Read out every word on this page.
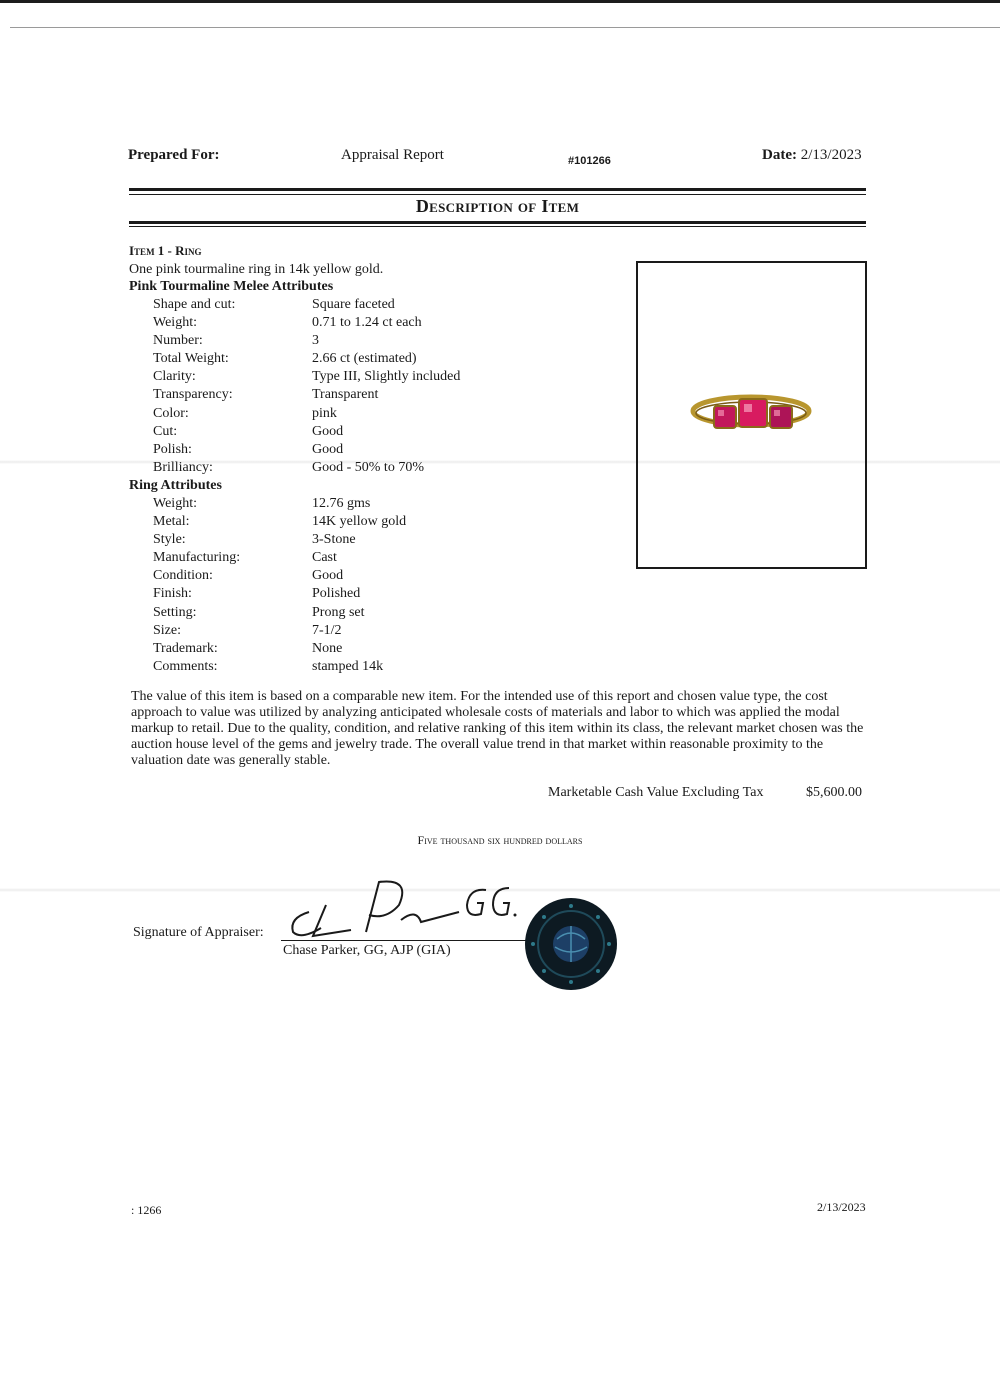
Prepared For:	Appraisal Report	#101266	Date: 2/13/2023
Description of Item
Item 1 - Ring
One pink tourmaline ring in 14k yellow gold.
Pink Tourmaline Melee Attributes
Shape and cut:	Square faceted
Weight:	0.71 to 1.24 ct each
Number:	3
Total Weight:	2.66 ct (estimated)
Clarity:	Type III, Slightly included
Transparency:	Transparent
Color:	pink
Cut:	Good
Polish:	Good
Brilliancy:	Good - 50% to 70%
Ring Attributes
Weight:	12.76 gms
Metal:	14K yellow gold
Style:	3-Stone
Manufacturing:	Cast
Condition:	Good
Finish:	Polished
Setting:	Prong set
Size:	7-1/2
Trademark:	None
Comments:	stamped 14k
The value of this item is based on a comparable new item. For the intended use of this report and chosen value type, the cost approach to value was utilized by analyzing anticipated wholesale costs of materials and labor to which was applied the modal markup to retail. Due to the quality, condition, and relative ranking of this item within its class, the relevant market chosen was the auction house level of the gems and jewelry trade. The overall value trend in that market within reasonable proximity to the valuation date was generally stable.
Marketable Cash Value Excluding Tax	$5,600.00
Five thousand six hundred dollars
Signature of Appraiser:
Chase Parker, GG, AJP (GIA)
: 1266	2/13/2023
